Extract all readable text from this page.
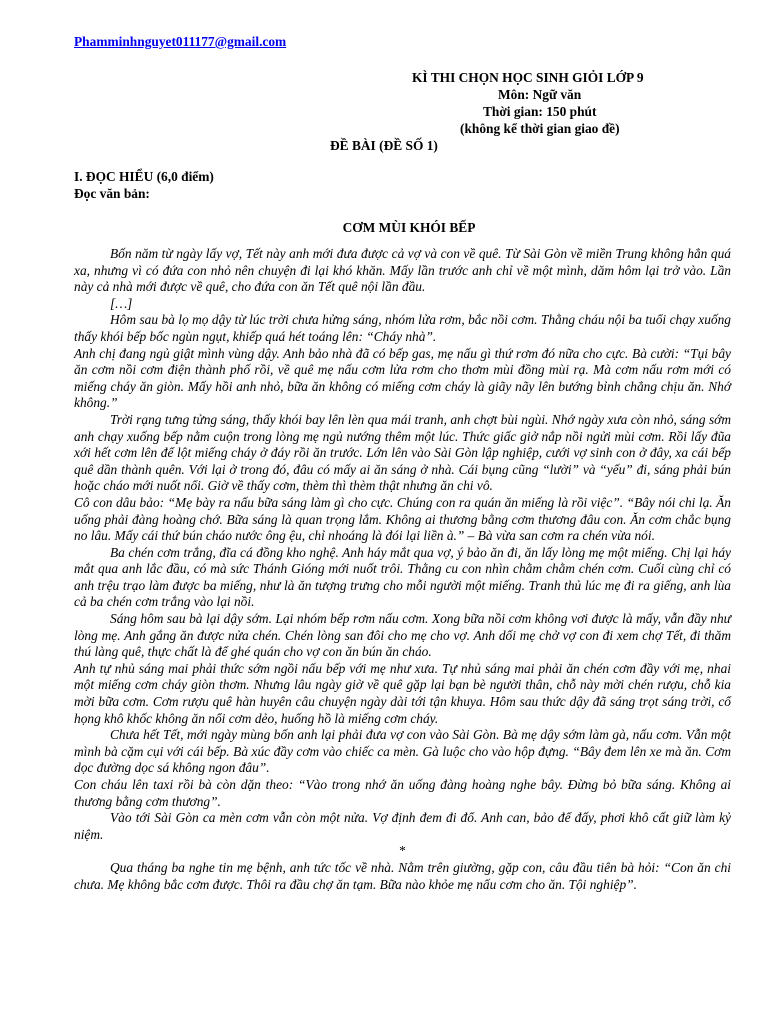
Phamminhnguyet011177@gmail.com
KÌ THI CHỌN HỌC SINH GIỎI LỚP 9
Môn: Ngữ văn
Thời gian: 150 phút
(không kể thời gian giao đề)
ĐỀ BÀI (ĐỀ SỐ 1)
I. ĐỌC HIỂU (6,0 điểm)
Đọc văn bản:
CƠM MÙI KHÓI BẾP

Bốn năm từ ngày lấy vợ, Tết này anh mới đưa được cả vợ và con về quê. Từ Sài Gòn về miền Trung không hẳn quá xa, nhưng vì có đứa con nhỏ nên chuyện đi lại khó khăn. Mấy lần trước anh chỉ về một mình, dăm hôm lại trở vào. Lần này cả nhà mới được về quê, cho đứa con ăn Tết quê nội lần đầu.

[…]

Hôm sau bà lọ mọ dậy từ lúc trời chưa hửng sáng, nhóm lửa rơm, bắc nồi cơm. Thằng cháu nội ba tuổi chạy xuống thấy khói bếp bốc ngùn ngụt, khiếp quá hét toáng lên: “Cháy nhà”.

Anh chị đang ngủ giật mình vùng dậy. Anh bảo nhà đã có bếp gas, mẹ nấu gì thứ rơm đó nữa cho cực. Bà cười: “Tụi bây ăn cơm nồi cơm điện thành phố rồi, về quê mẹ nấu cơm lửa rơm cho thơm mùi đồng mùi rạ. Mà cơm nấu rơm mới có miếng cháy ăn giòn. Mấy hồi anh nhỏ, bữa ăn không có miếng cơm cháy là giãy nãy lên bướng bỉnh chẳng chịu ăn. Nhớ không.”

Trời rạng tưng tửng sáng, thấy khói bay lên lèn qua mái tranh, anh chợt bùi ngùi. Nhớ ngày xưa còn nhỏ, sáng sớm anh chạy xuống bếp nằm cuộn trong lòng mẹ ngủ nướng thêm một lúc. Thức giấc giở nắp nồi ngửi mùi cơm. Rồi lấy đũa xới hết cơm lên để lột miếng cháy ở đáy rồi ăn trước. Lớn lên vào Sài Gòn lập nghiệp, cưới vợ sinh con ở đây, xa cái bếp quê dần thành quên. Với lại ở trong đó, đâu có mấy ai ăn sáng ở nhà. Cái bụng cũng “lười” và “yếu” đi, sáng phải bún hoặc cháo mới nuốt nổi. Giờ về thấy cơm, thèm thì thèm thật nhưng ăn chi vô.

Cô con dâu bảo: “Mẹ bày ra nấu bữa sáng làm gì cho cực. Chúng con ra quán ăn miếng là rồi việc”. “Bây nói chi lạ. Ăn uống phải đàng hoàng chớ. Bữa sáng là quan trọng lắm. Không ai thương bằng cơm thương đâu con. Ăn cơm chắc bụng no lâu. Mấy cái thứ bún cháo nước ông ệu, chỉ nhoáng là đói lại liền à.” – Bà vừa san cơm ra chén vừa nói.

Ba chén cơm trắng, đĩa cá đồng kho nghệ. Anh háy mắt qua vợ, ý bảo ăn đi, ăn lấy lòng mẹ một miếng. Chị lại háy mắt qua anh lắc đầu, có mà sức Thánh Gióng mới nuốt trôi. Thằng cu con nhìn chằm chằm chén cơm. Cuối cùng chỉ có anh trệu trạo làm được ba miếng, như là ăn tượng trưng cho mỗi người một miếng. Tranh thủ lúc mẹ đi ra giếng, anh lùa cả ba chén cơm trắng vào lại nồi.

Sáng hôm sau bà lại dậy sớm. Lại nhóm bếp rơm nấu cơm. Xong bữa nồi cơm không vơi được là mấy, vẫn đầy như lòng mẹ. Anh gắng ăn được nửa chén. Chén lòng san đôi cho mẹ cho vợ. Anh dối mẹ chở vợ con đi xem chợ Tết, đi thăm thú làng quê, thực chất là để ghé quán cho vợ con ăn bún ăn cháo.

Anh tự nhủ sáng mai phải thức sớm ngồi nấu bếp với mẹ như xưa. Tự nhủ sáng mai phải ăn chén cơm đầy với mẹ, nhai một miếng cơm cháy giòn thơm. Nhưng lâu ngày giờ về quê gặp lại bạn bè người thân, chỗ này mời chén rượu, chỗ kia mời bữa cơm. Cơm rượu quê hàn huyên câu chuyện ngày dài tới tận khuya. Hôm sau thức dậy đã sáng trọt sáng trời, cổ họng khô khốc không ăn nổi cơm dẻo, huống hồ là miếng cơm cháy.

Chưa hết Tết, mới ngày mùng bốn anh lại phải đưa vợ con vào Sài Gòn. Bà mẹ dậy sớm làm gà, nấu cơm. Vẫn một mình bà cặm cụi với cái bếp. Bà xúc đầy cơm vào chiếc ca mèn. Gà luộc cho vào hộp đựng. “Bây đem lên xe mà ăn. Cơm dọc đường dọc sá không ngon đâu”.

Con cháu lên taxi rồi bà còn dặn theo: “Vào trong nhớ ăn uống đàng hoàng nghe bây. Đừng bỏ bữa sáng. Không ai thương bằng cơm thương”.

Vào tới Sài Gòn ca mèn cơm vẫn còn một nửa. Vợ định đem đi đổ. Anh can, bảo để đấy, phơi khô cất giữ làm kỷ niệm.

*

Qua tháng ba nghe tin mẹ bệnh, anh tức tốc về nhà. Nằm trên giường, gặp con, câu đầu tiên bà hỏi: “Con ăn chi chưa. Mẹ không bắc cơm được. Thôi ra đầu chợ ăn tạm. Bữa nào khỏe mẹ nấu cơm cho ăn. Tội nghiệp”.
